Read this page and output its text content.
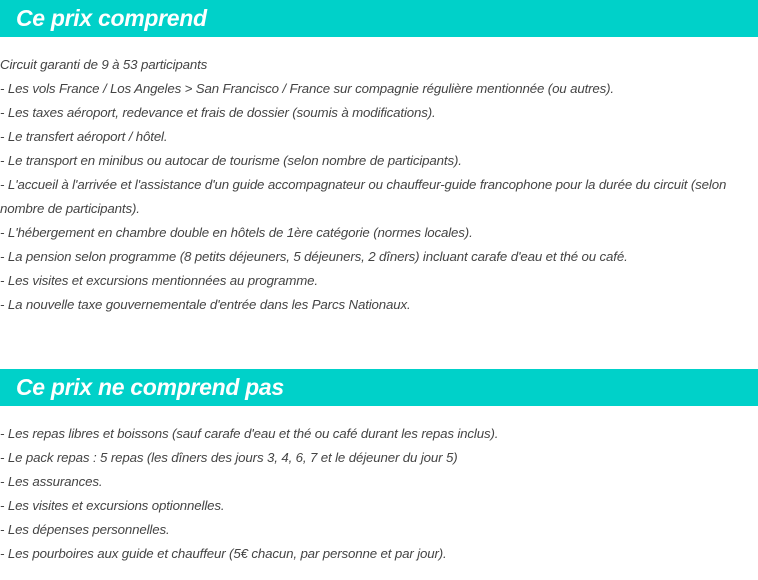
Ce prix comprend
Circuit garanti de 9 à 53 participants
- Les vols France / Los Angeles > San Francisco / France sur compagnie régulière mentionnée (ou autres).
- Les taxes aéroport, redevance et frais de dossier (soumis à modifications).
- Le transfert aéroport / hôtel.
- Le transport en minibus ou autocar de tourisme (selon nombre de participants).
- L'accueil à l'arrivée et l'assistance d'un guide accompagnateur ou chauffeur-guide francophone pour la durée du circuit (selon nombre de participants).
- L'hébergement en chambre double en hôtels de 1ère catégorie (normes locales).
- La pension selon programme (8 petits déjeuners, 5 déjeuners, 2 dîners) incluant carafe d'eau et thé ou café.
- Les visites et excursions mentionnées au programme.
- La nouvelle taxe gouvernementale d'entrée dans les Parcs Nationaux.
Ce prix ne comprend pas
- Les repas libres et boissons (sauf carafe d'eau et thé ou café durant les repas inclus).
- Le pack repas : 5 repas (les dîners des jours 3, 4, 6, 7 et le déjeuner du jour 5)
- Les assurances.
- Les visites et excursions optionnelles.
- Les dépenses personnelles.
- Les pourboires aux guide et chauffeur (5€ chacun, par personne et par jour).
